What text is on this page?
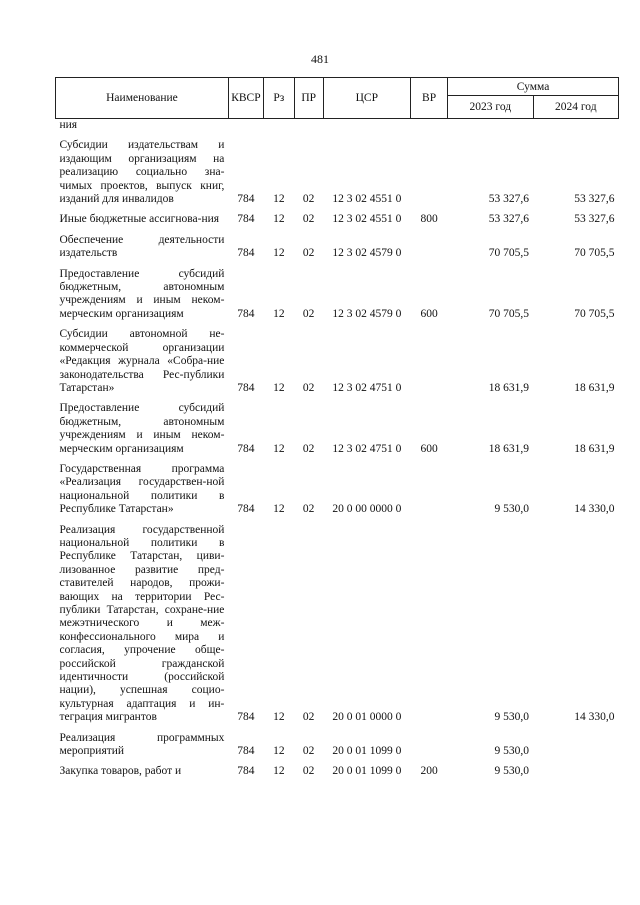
481
Наименование	КВСР	Рз	ПР	ЦСР	ВР	Сумма	
						2023 год	2024 год
ния							
Субсидии издательствам и издающим организациям на реализацию социально зна-чимых проектов, выпуск книг, изданий для инвалидов	784	12	02	12 3 02 4551 0		53 327,6	53 327,6
Иные бюджетные ассигнова-ния	784	12	02	12 3 02 4551 0	800	53 327,6	53 327,6
Обеспечение деятельности издательств	784	12	02	12 3 02 4579 0		70 705,5	70 705,5
Предоставление субсидий бюджетным, автономным учреждениям и иным неком-мерческим организациям	784	12	02	12 3 02 4579 0	600	70 705,5	70 705,5
Субсидии автономной не-коммерческой организации «Редакция журнала «Собра-ние законодательства Рес-публики Татарстан»	784	12	02	12 3 02 4751 0		18 631,9	18 631,9
Предоставление субсидий бюджетным, автономным учреждениям и иным неком-мерческим организациям	784	12	02	12 3 02 4751 0	600	18 631,9	18 631,9
Государственная программа «Реализация государствен-ной национальной политики в Республике Татарстан»	784	12	02	20 0 00 0000 0		9 530,0	14 330,0
Реализация государственной национальной политики в Республике Татарстан, циви-лизованное развитие пред-ставителей народов, прожи-вающих на территории Рес-публики Татарстан, сохране-ние межэтнического и меж-конфессионального мира и согласия, упрочение обще-российской гражданской идентичности (российской нации), успешная социо-культурная адаптация и ин-теграция мигрантов	784	12	02	20 0 01 0000 0		9 530,0	14 330,0
Реализация программных мероприятий	784	12	02	20 0 01 1099 0		9 530,0	
Закупка товаров, работ и	784	12	02	20 0 01 1099 0	200	9 530,0	
